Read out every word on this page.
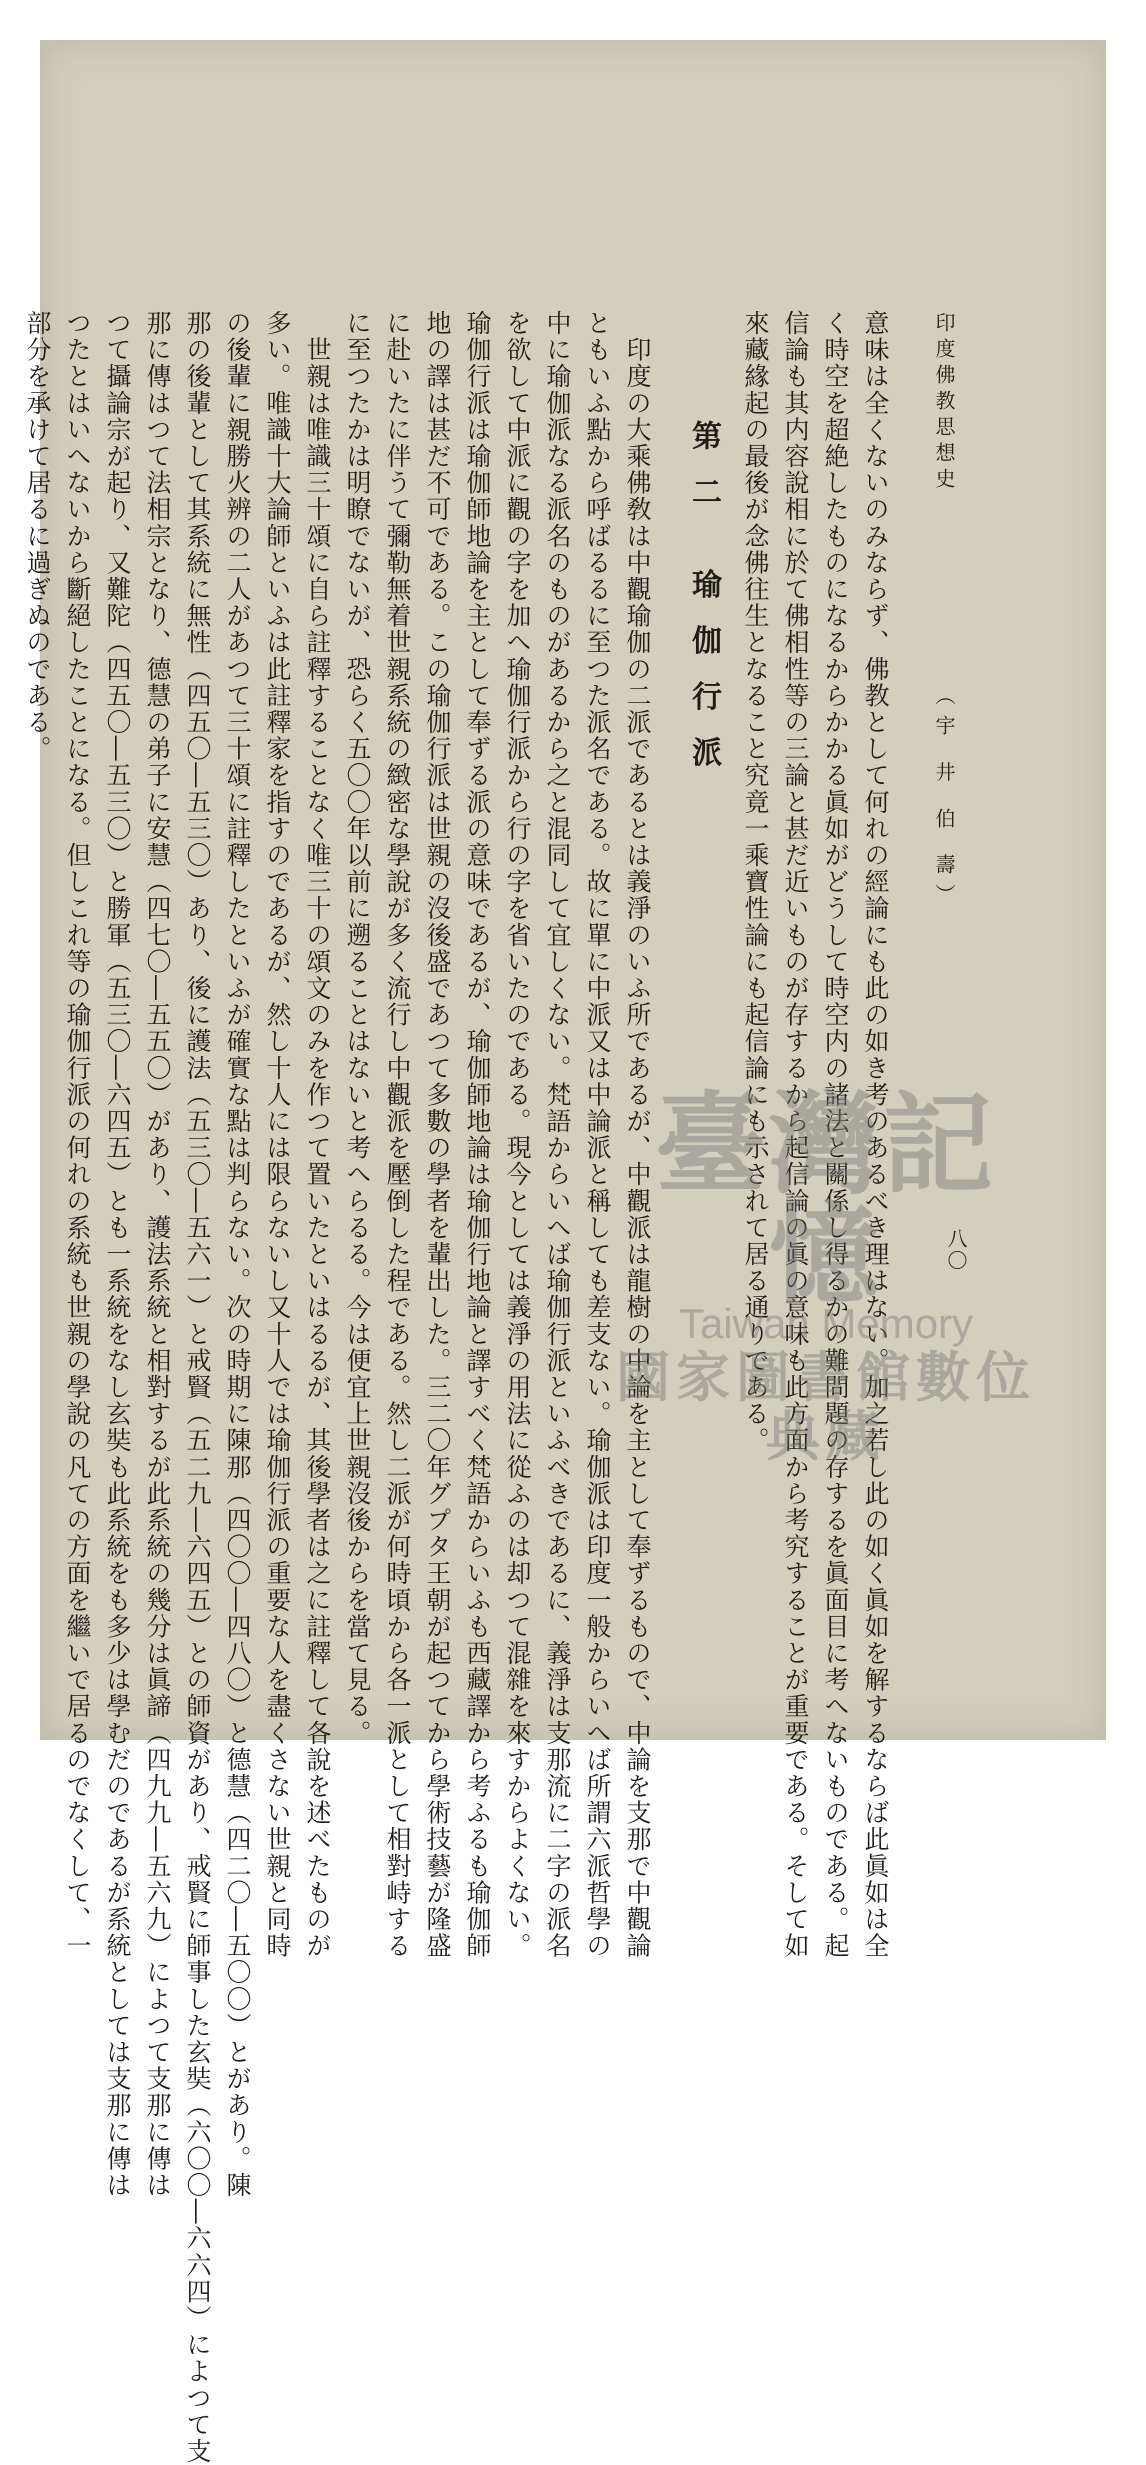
印度佛教思想史
（宇 井 伯 壽）
八〇
意味は全くないのみならず、佛教として何れの經論にも此の如き考のあるべき理はない。加之若し此の如く眞如を解するならば此眞如は全
く時空を超絶したものになるからかかる眞如がどうして時空内の諸法と關係し得るかの難問題の存するを眞面目に考へないものである。起
信論も其内容說相に於て佛相性等の三論と甚だ近いものが存するから起信論の眞の意味も此方面から考究することが重要である。そして如
來藏緣起の最後が念佛往生となること究竟一乘寶性論にも起信論にも示されて居る通りである。
第二 瑜伽行派
　印度の大乘佛敎は中觀瑜伽の二派であるとは義淨のいふ所であるが、中觀派は龍樹の中論を主として奉ずるもので、中論を支那で中觀論
ともいふ點から呼ばるるに至つた派名である。故に單に中派又は中論派と稱しても差支ない。瑜伽派は印度一般からいへば所謂六派哲學の
中に瑜伽派なる派名のものがあるから之と混同して宜しくない。梵語からいへば瑜伽行派といふべきであるに、義淨は支那流に二字の派名
を欲して中派に觀の字を加へ瑜伽行派から行の字を省いたのである。現今としては義淨の用法に從ふのは却つて混雜を來すからよくない。
瑜伽行派は瑜伽師地論を主として奉ずる派の意味であるが、瑜伽師地論は瑜伽行地論と譯すべく梵語からいふも西藏譯から考ふるも瑜伽師
地の譯は甚だ不可である。この瑜伽行派は世親の沒後盛であつて多數の學者を輩出した。三二〇年グプタ王朝が起つてから學術技藝が隆盛
に赴いたに伴うて彌勒無着世親系統の緻密な學說が多く流行し中觀派を壓倒した程である。然し二派が何時頃から各一派として相對峙する
に至つたかは明瞭でないが、恐らく五〇〇年以前に遡ることはないと考へらるる。今は便宜上世親沒後からを當て見る。
　世親は唯識三十頌に自ら註釋することなく唯三十の頌文のみを作つて置いたといはるるが、其後學者は之に註釋して各說を述べたものが
多い。唯識十大論師といふは此註釋家を指すのであるが、然し十人には限らないし又十人では瑜伽行派の重要な人を盡くさない世親と同時
の後輩に親勝火辨の二人があつて三十頌に註釋したといふが確實な點は判らない。次の時期に陳那（四〇〇―四八〇）と德慧（四二〇―五〇〇）とがあり。陳
那の後輩として其系統に無性（四五〇―五三〇）あり、後に護法（五三〇―五六一）と戒賢（五二九―六四五）との師資があり、戒賢に師事した玄奘（六〇〇―六六四）によつて支
那に傳はつて法相宗となり、德慧の弟子に安慧（四七〇―五五〇）があり、護法系統と相對するが此系統の幾分は眞諦（四九九―五六九）によつて支那に傳は
つて攝論宗が起り、又難陀（四五〇―五三〇）と勝軍（五三〇―六四五）とも一系統をなし玄奘も此系統をも多少は學むだのであるが系統としては支那に傳は
つたとはいへないから斷絕したことになる。但しこれ等の瑜伽行派の何れの系統も世親の學說の凡ての方面を繼いで居るのでなくして、一
部分を承けて居るに過ぎぬのである。
臺灣記憶
Taiwan Memory
國家圖書館數位典藏
